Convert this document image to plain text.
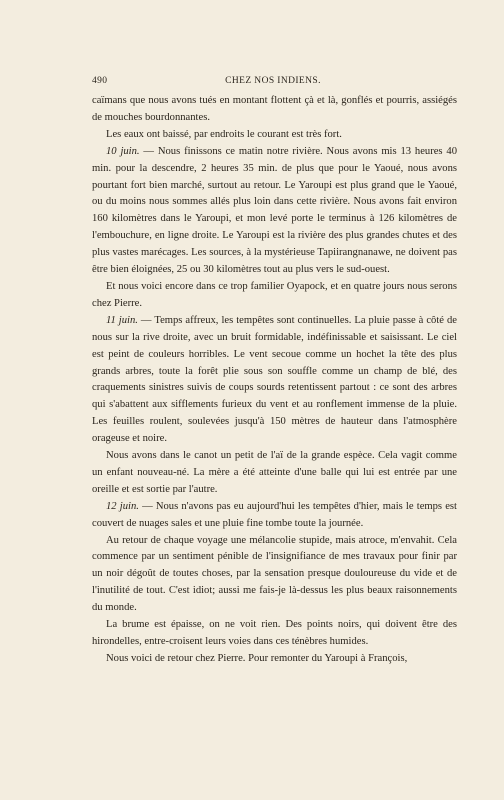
490	CHEZ NOS INDIENS.

caïmans que nous avons tués en montant flottent çà et là, gonflés et pourris, assiégés de mouches bourdonnantes.

Les eaux ont baissé, par endroits le courant est très fort.

10 juin. — Nous finissons ce matin notre rivière. Nous avons mis 13 heures 40 min. pour la descendre, 2 heures 35 min. de plus que pour le Yaoué, nous avons pourtant fort bien marché, surtout au retour. Le Yaroupi est plus grand que le Yaoué, ou du moins nous sommes allés plus loin dans cette rivière. Nous avons fait environ 160 kilomètres dans le Yaroupi, et mon levé porte le terminus à 126 kilomètres de l'embouchure, en ligne droite. Le Yaroupi est la rivière des plus grandes chutes et des plus vastes marécages. Les sources, à la mystérieuse Tapiirangnanawe, ne doivent pas être bien éloignées, 25 ou 30 kilomètres tout au plus vers le sud-ouest.

Et nous voici encore dans ce trop familier Oyapock, et en quatre jours nous serons chez Pierre.

11 juin. — Temps affreux, les tempêtes sont continuelles. La pluie passe à côté de nous sur la rive droite, avec un bruit formidable, indéfinissable et saisissant. Le ciel est peint de couleurs horribles. Le vent secoue comme un hochet la tête des plus grands arbres, toute la forêt plie sous son souffle comme un champ de blé, des craquements sinistres suivis de coups sourds retentissent partout : ce sont des arbres qui s'abattent aux sifflements furieux du vent et au ronflement immense de la pluie. Les feuilles roulent, soulevées jusqu'à 150 mètres de hauteur dans l'atmosphère orageuse et noire.

Nous avons dans le canot un petit de l'aï de la grande espèce. Cela vagit comme un enfant nouveau-né. La mère a été atteinte d'une balle qui lui est entrée par une oreille et est sortie par l'autre.

12 juin. — Nous n'avons pas eu aujourd'hui les tempêtes d'hier, mais le temps est couvert de nuages sales et une pluie fine tombe toute la journée.

Au retour de chaque voyage une mélancolie stupide, mais atroce, m'envahit. Cela commence par un sentiment pénible de l'insignifiance de mes travaux pour finir par un noir dégoût de toutes choses, par la sensation presque douloureuse du vide et de l'inutilité de tout. C'est idiot; aussi me fais-je là-dessus les plus beaux raisonnements du monde.

La brume est épaisse, on ne voit rien. Des points noirs, qui doivent être des hirondelles, entre-croisent leurs voies dans ces ténèbres humides.

Nous voici de retour chez Pierre. Pour remonter du Yaroupi à François,
